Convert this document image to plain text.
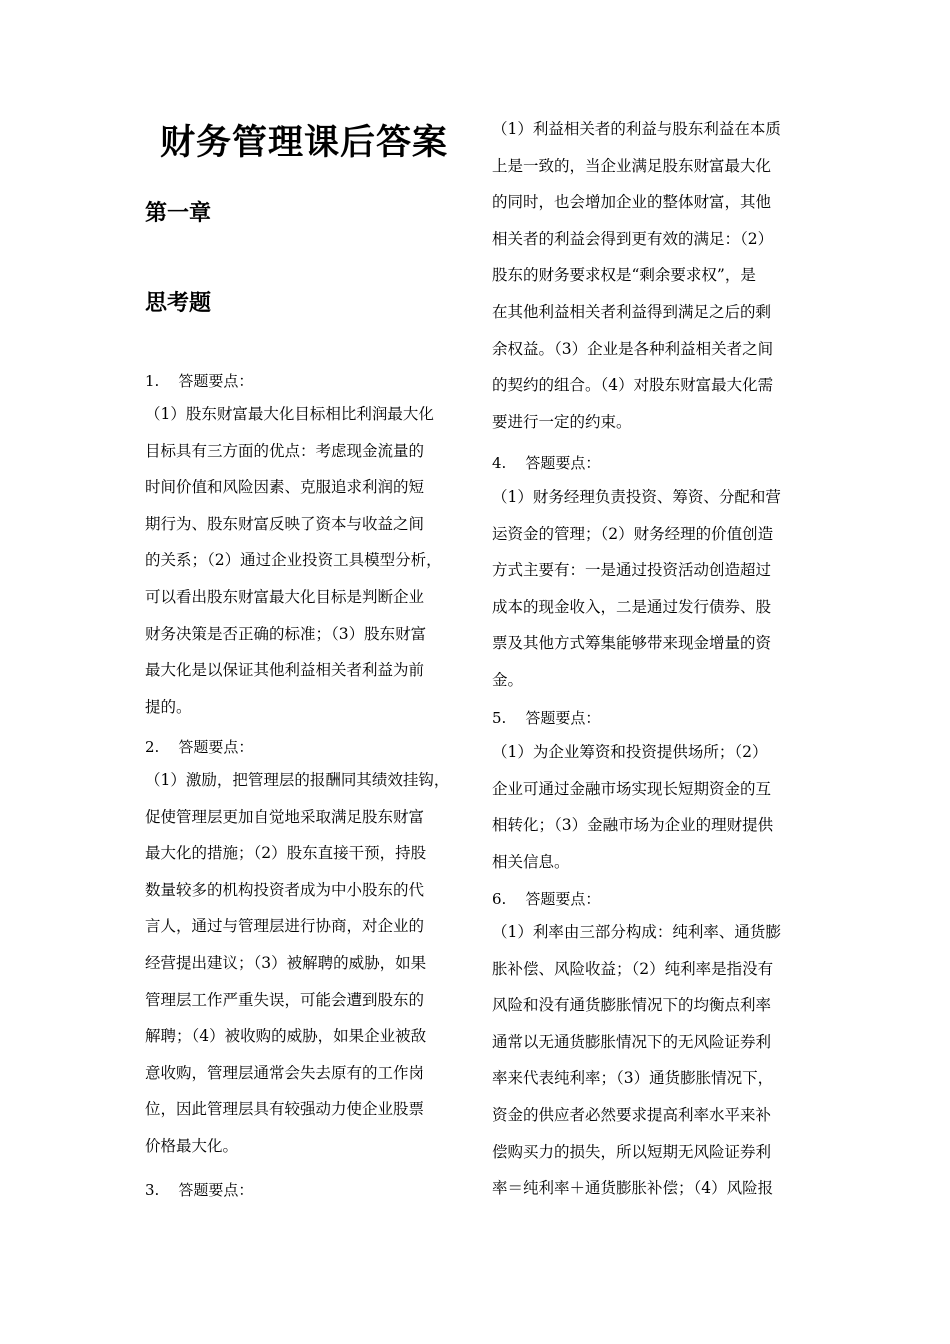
财务管理课后答案
第一章
思考题
1. 答题要点：
（1）股东财富最大化目标相比利润最大化
目标具有三方面的优点：考虑现金流量的
时间价值和风险因素、克服追求利润的短
期行为、股东财富反映了资本与收益之间
的关系；（2）通过企业投资工具模型分析，
可以看出股东财富最大化目标是判断企业
财务决策是否正确的标准；（3）股东财富
最大化是以保证其他利益相关者利益为前
提的。
2. 答题要点：
（1）激励，把管理层的报酬同其绩效挂钩，
促使管理层更加自觉地采取满足股东财富
最大化的措施；（2）股东直接干预，持股
数量较多的机构投资者成为中小股东的代
言人，通过与管理层进行协商，对企业的
经营提出建议；（3）被解聘的威胁，如果
管理层工作严重失误，可能会遭到股东的
解聘；（4）被收购的威胁，如果企业被敌
意收购，管理层通常会失去原有的工作岗
位，因此管理层具有较强动力使企业股票
价格最大化。
3. 答题要点：
（1）利益相关者的利益与股东利益在本质
上是一致的，当企业满足股东财富最大化
的同时，也会增加企业的整体财富，其他
相关者的利益会得到更有效的满足：（2）
股东的财务要求权是“剩余要求权”，是
在其他利益相关者利益得到满足之后的剩
余权益。（3）企业是各种利益相关者之间
的契约的组合。（4）对股东财富最大化需
要进行一定的约束。
4. 答题要点：
（1）财务经理负责投资、筹资、分配和营
运资金的管理；（2）财务经理的价值创造
方式主要有：一是通过投资活动创造超过
成本的现金收入，二是通过发行债券、股
票及其他方式筹集能够带来现金增量的资
金。
5. 答题要点：
（1）为企业筹资和投资提供场所；（2）
企业可通过金融市场实现长短期资金的互
相转化；（3）金融市场为企业的理财提供
相关信息。
6. 答题要点：
（1）利率由三部分构成：纯利率、通货膨
胀补偿、风险收益；（2）纯利率是指没有
风险和没有通货膨胀情况下的均衡点利率
通常以无通货膨胀情况下的无风险证券利
率来代表纯利率；（3）通货膨胀情况下，
资金的供应者必然要求提高利率水平来补
偿购买力的损失，所以短期无风险证券利
率＝纯利率＋通货膨胀补偿；（4）风险报
